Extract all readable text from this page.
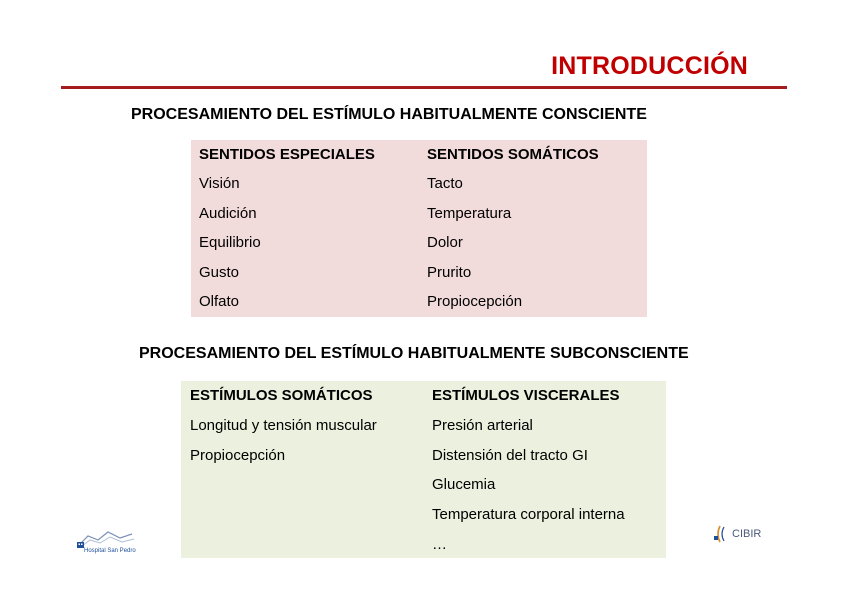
INTRODUCCIÓN
PROCESAMIENTO DEL ESTÍMULO HABITUALMENTE CONSCIENTE
SENTIDOS ESPECIALES
Visión
Audición
Equilibrio
Gusto
Olfato
SENTIDOS SOMÁTICOS
Tacto
Temperatura
Dolor
Prurito
Propiocepción
PROCESAMIENTO DEL ESTÍMULO HABITUALMENTE SUBCONSCIENTE
ESTÍMULOS SOMÁTICOS
Longitud y tensión muscular
Propiocepción
ESTÍMULOS VISCERALES
Presión arterial
Distensión del tracto GI
Glucemia
Temperatura corporal interna
…
Hospital San Pedro
CIBIR
